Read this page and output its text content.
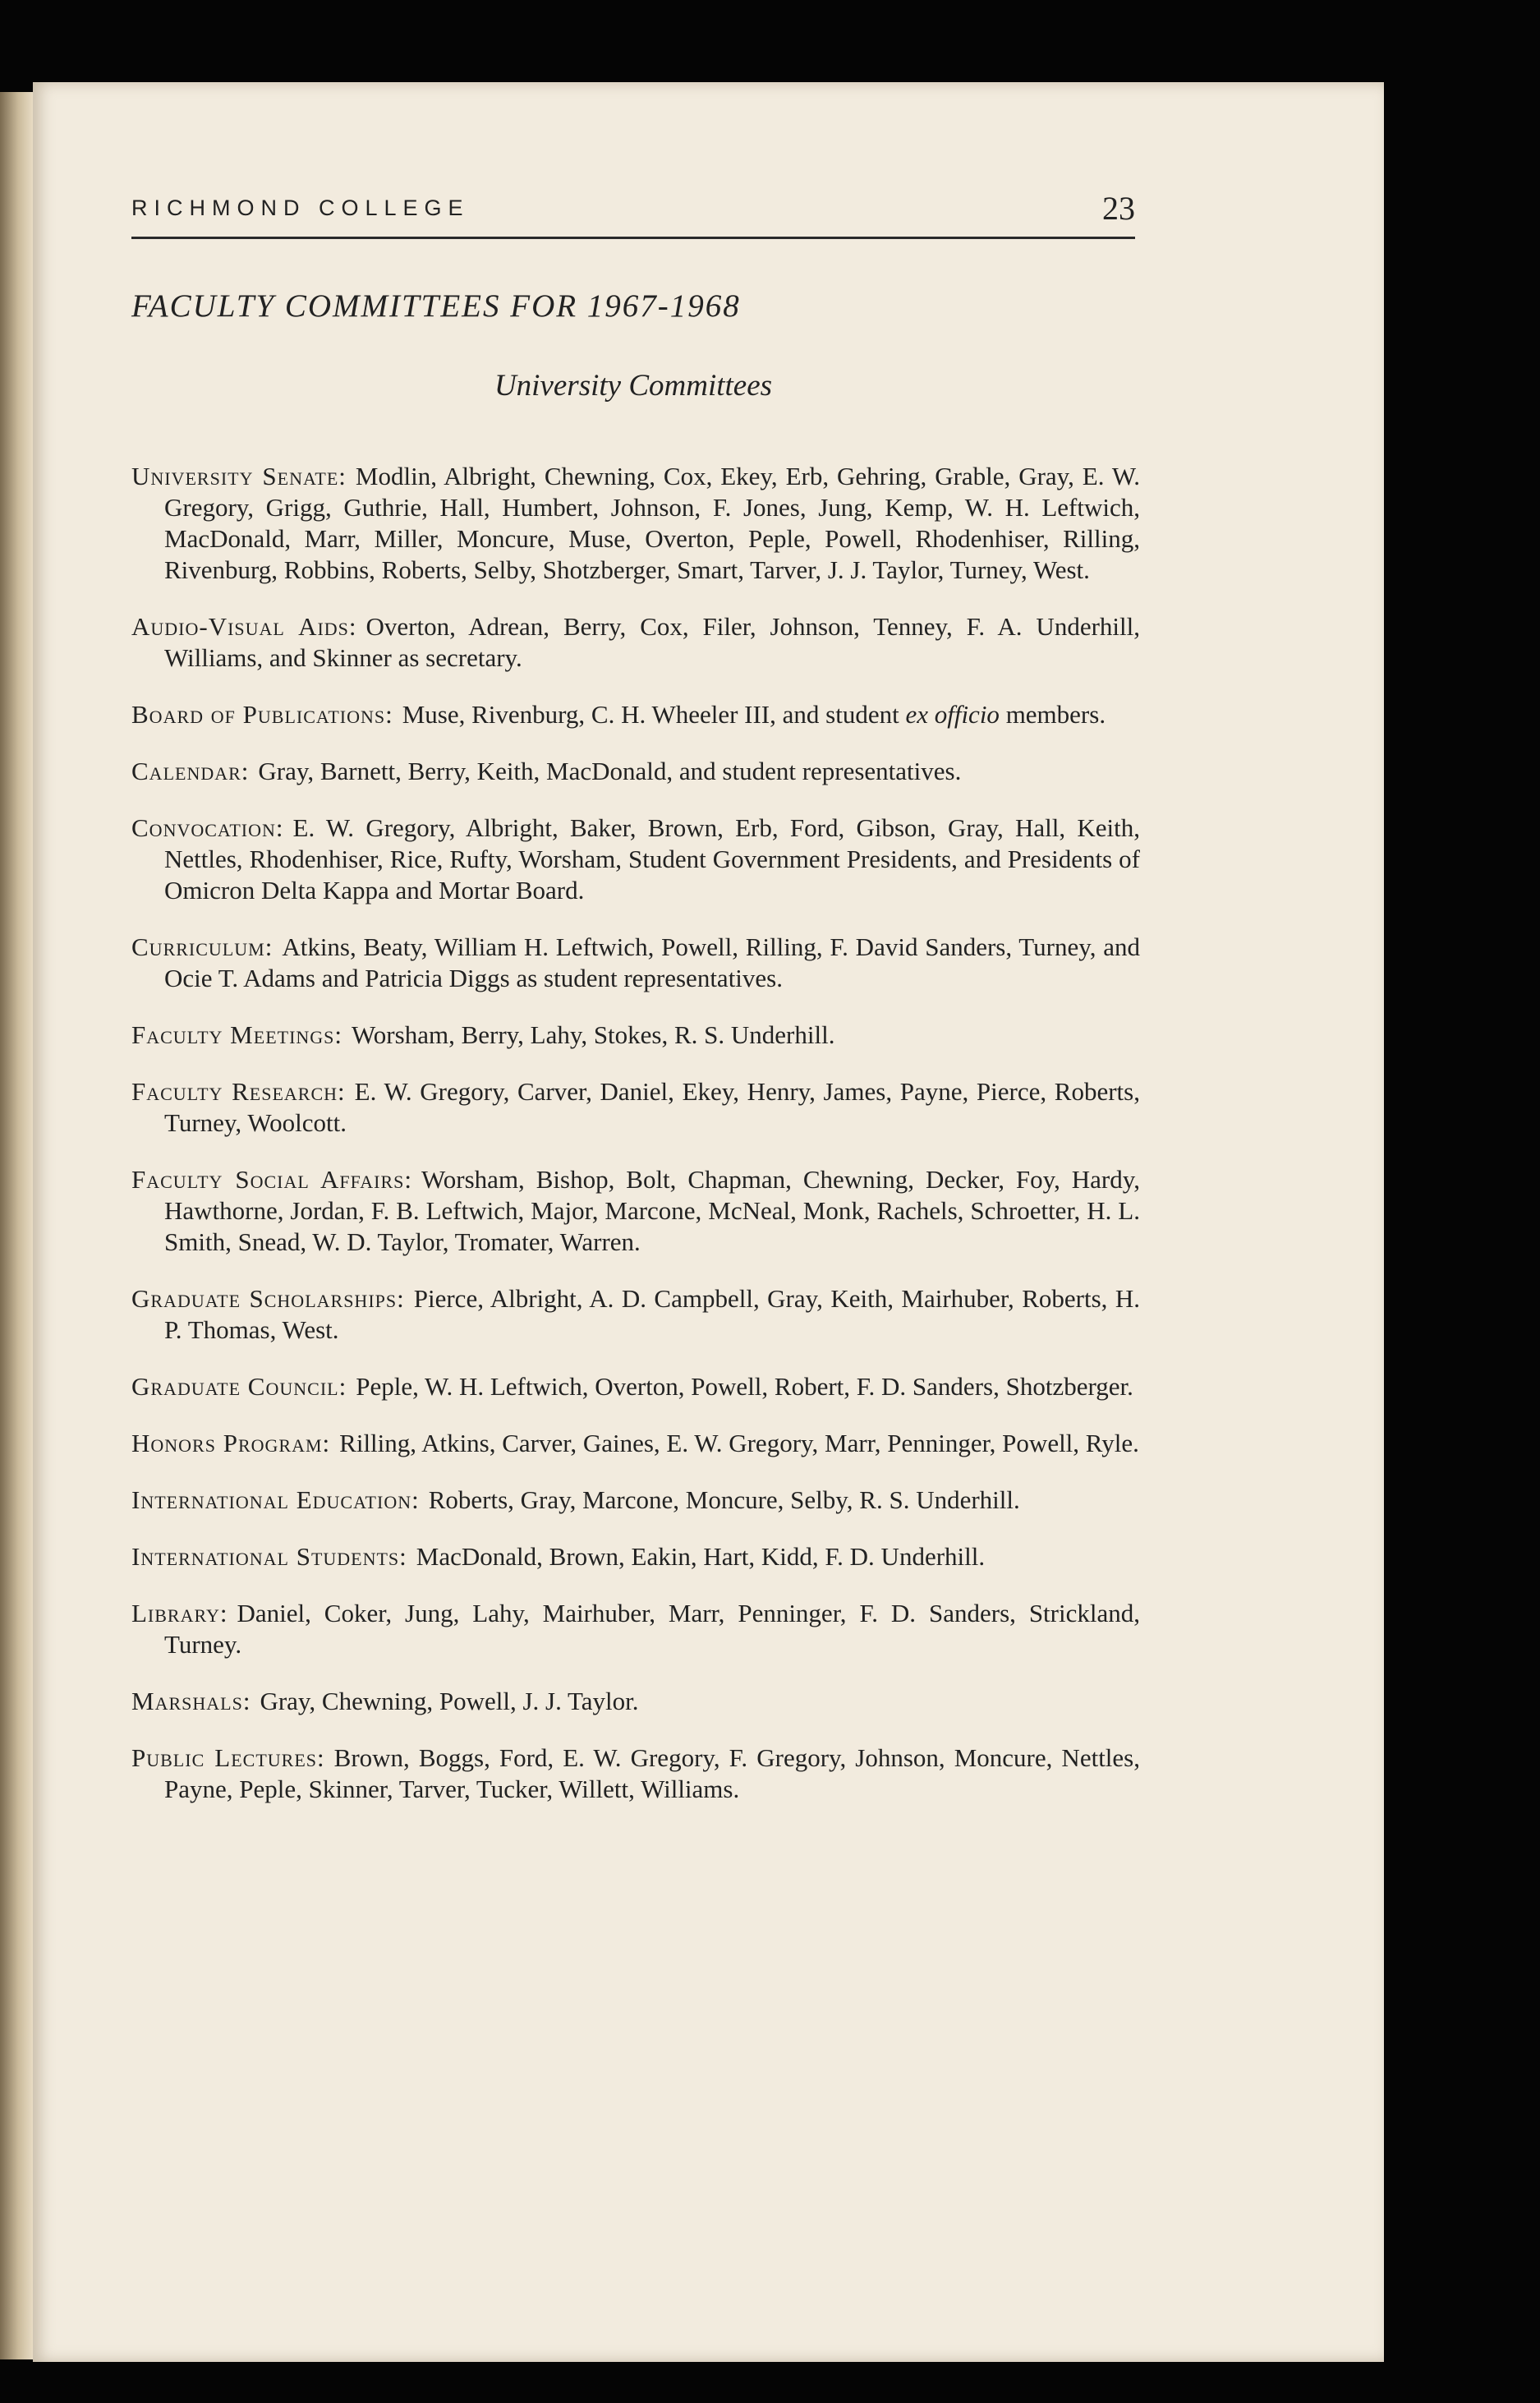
RICHMOND COLLEGE	23
FACULTY COMMITTEES FOR 1967-1968
University Committees

University Senate: Modlin, Albright, Chewning, Cox, Ekey, Erb, Gehring, Grable, Gray, E. W. Gregory, Grigg, Guthrie, Hall, Humbert, Johnson, F. Jones, Jung, Kemp, W. H. Leftwich, MacDonald, Marr, Miller, Moncure, Muse, Overton, Peple, Powell, Rhodenhiser, Rilling, Rivenburg, Robbins, Roberts, Selby, Shotzberger, Smart, Tarver, J. J. Taylor, Turney, West.

Audio-Visual Aids: Overton, Adrean, Berry, Cox, Filer, Johnson, Tenney, F. A. Underhill, Williams, and Skinner as secretary.

Board of Publications: Muse, Rivenburg, C. H. Wheeler III, and student ex officio members.

Calendar: Gray, Barnett, Berry, Keith, MacDonald, and student representatives.

Convocation: E. W. Gregory, Albright, Baker, Brown, Erb, Ford, Gibson, Gray, Hall, Keith, Nettles, Rhodenhiser, Rice, Rufty, Worsham, Student Government Presidents, and Presidents of Omicron Delta Kappa and Mortar Board.

Curriculum: Atkins, Beaty, William H. Leftwich, Powell, Rilling, F. David Sanders, Turney, and Ocie T. Adams and Patricia Diggs as student representatives.

Faculty Meetings: Worsham, Berry, Lahy, Stokes, R. S. Underhill.

Faculty Research: E. W. Gregory, Carver, Daniel, Ekey, Henry, James, Payne, Pierce, Roberts, Turney, Woolcott.

Faculty Social Affairs: Worsham, Bishop, Bolt, Chapman, Chewning, Decker, Foy, Hardy, Hawthorne, Jordan, F. B. Leftwich, Major, Marcone, McNeal, Monk, Rachels, Schroetter, H. L. Smith, Snead, W. D. Taylor, Tromater, Warren.

Graduate Scholarships: Pierce, Albright, A. D. Campbell, Gray, Keith, Mairhuber, Roberts, H. P. Thomas, West.

Graduate Council: Peple, W. H. Leftwich, Overton, Powell, Robert, F. D. Sanders, Shotzberger.

Honors Program: Rilling, Atkins, Carver, Gaines, E. W. Gregory, Marr, Penninger, Powell, Ryle.

International Education: Roberts, Gray, Marcone, Moncure, Selby, R. S. Underhill.

International Students: MacDonald, Brown, Eakin, Hart, Kidd, F. D. Underhill.

Library: Daniel, Coker, Jung, Lahy, Mairhuber, Marr, Penninger, F. D. Sanders, Strickland, Turney.

Marshals: Gray, Chewning, Powell, J. J. Taylor.

Public Lectures: Brown, Boggs, Ford, E. W. Gregory, F. Gregory, Johnson, Moncure, Nettles, Payne, Peple, Skinner, Tarver, Tucker, Willett, Williams.
